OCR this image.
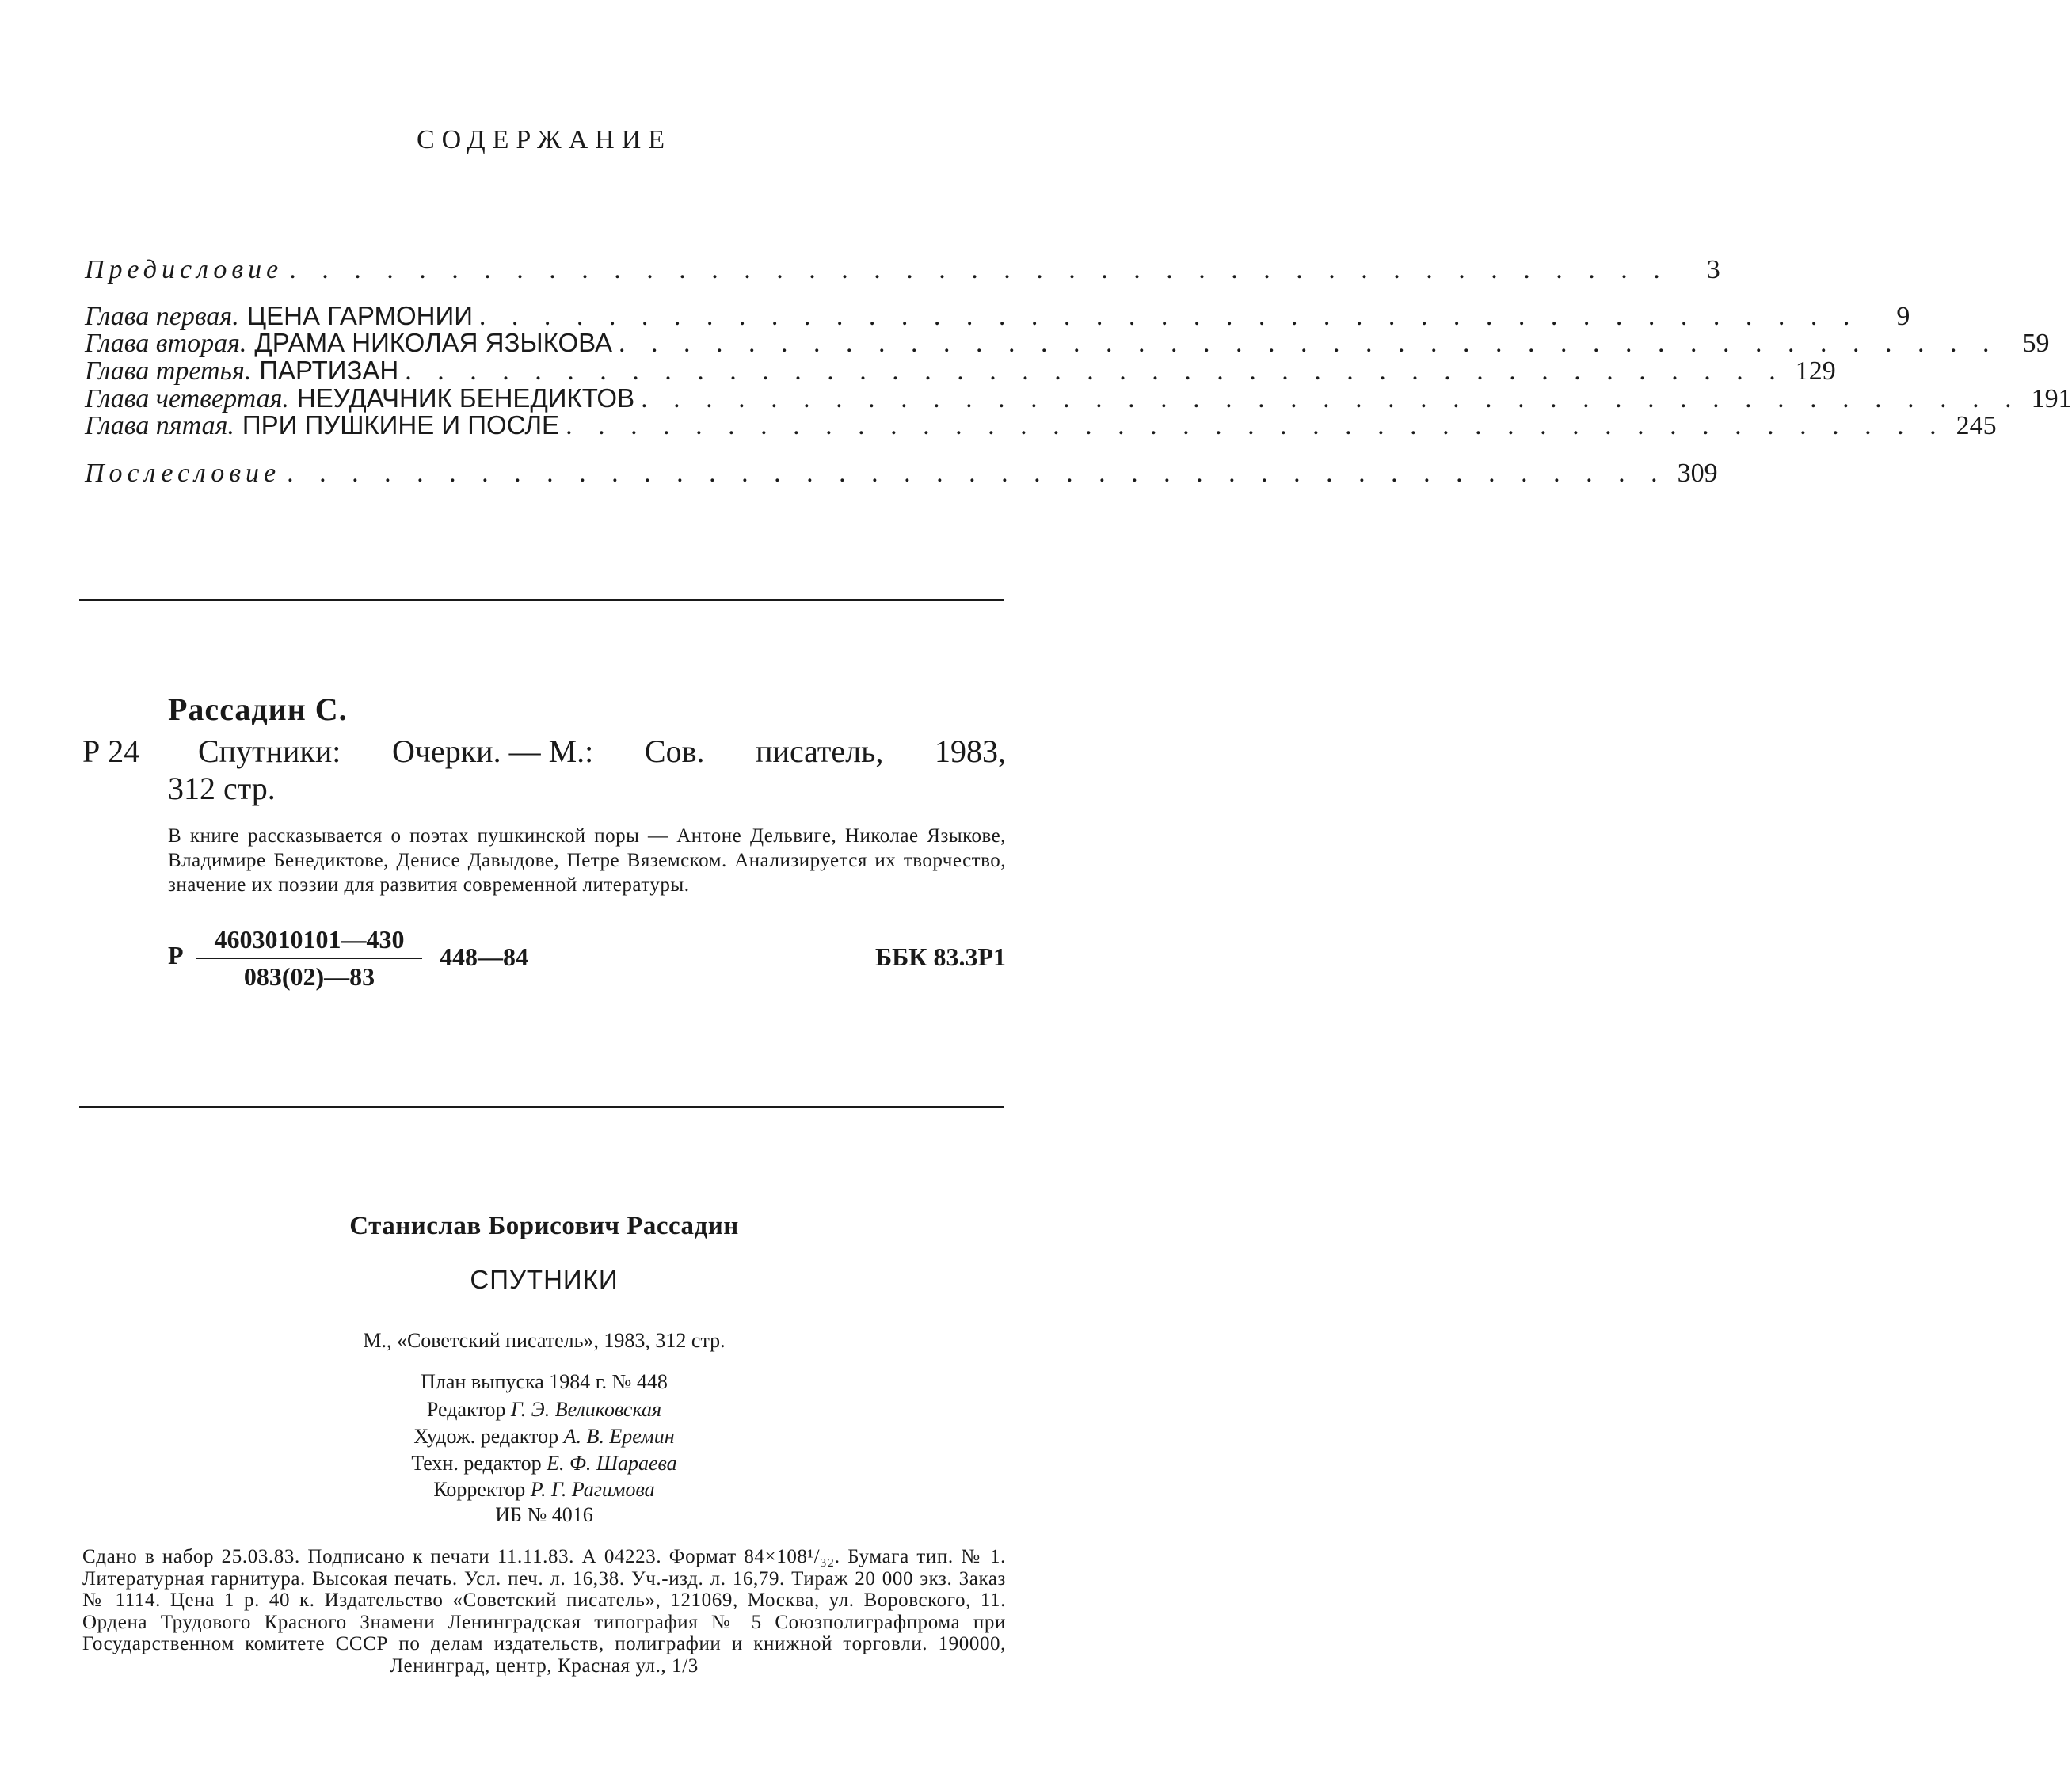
СОДЕРЖАНИЕ
Предисловие . . . . . . . . . . . . . . . . . . . . . . . . . . . . . . . . . . . . . . . . . . .	3
Глава первая. ЦЕНА ГАРМОНИИ . . . . . . . . . . . . . . . . . . . . . . . . . . . . . . . . . . . . . . . . . . .	9
Глава вторая. ДРАМА НИКОЛАЯ ЯЗЫКОВА . . . . . . . . . . . . . . . . . . . . . . . . . . . . . . . . . . . . . . . . . . . 59
Глава третья. ПАРТИЗАН . . . . . . . . . . . . . . . . . . . . . . . . . . . . . . . . . . . . . . . . . . . 129
Глава четвертая. НЕУДАЧНИК БЕНЕДИКТОВ . . . . . . . . . . . . . . . . . . . . . . . . . . . . . . . . . . . . . . . . . . . 191
Глава пятая. ПРИ ПУШКИНЕ И ПОСЛЕ . . . . . . . . . . . . . . . . . . . . . . . . . . . . . . . . . . . . . . . . . . . 245
Послесловие . . . . . . . . . . . . . . . . . . . . . . . . . . . . . . . . . . . . . . . . . . . 309
Рассадин С.
Р 24 Спутники: Очерки. — М.: Сов. писатель, 1983,
312 стр.
В книге рассказывается о поэтах пушкинской поры — Антоне Дельвиге, Николае Языкове, Владимире Бенедиктове, Денисе Давыдове, Петре Вяземском. Анализируется их творчество, значение их поэзии для развития современной литературы.
Р $\frac{4603010101—430}{083(02)—83}$ 448—84	ББК 83.3Р1
Станислав Борисович Рассадин
СПУТНИКИ
М., «Советский писатель», 1983, 312 стр.
План выпуска 1984 г. № 448
Редактор Г. Э. Великовская
Худож. редактор А. В. Еремин
Техн. редактор Е. Ф. Шараева
Корректор Р. Г. Рагимова
ИБ № 4016
Сдано в набор 25.03.83. Подписано к печати 11.11.83. А 04223. Формат 84×108¹/₃₂. Бумага тип. № 1. Литературная гарнитура. Высокая печать. Усл. печ. л. 16,38. Уч.-изд. л. 16,79. Тираж 20 000 экз. Заказ № 1114. Цена 1 р. 40 к. Издательство «Советский писатель», 121069, Москва, ул. Воровского, 11. Ордена Трудового Красного Знамени Ленинградская типография № 5 Союзполиграфпрома при Государственном комитете СССР по делам издательств, полиграфии и книжной торговли. 190000, Ленинград, центр, Красная ул., 1/3
